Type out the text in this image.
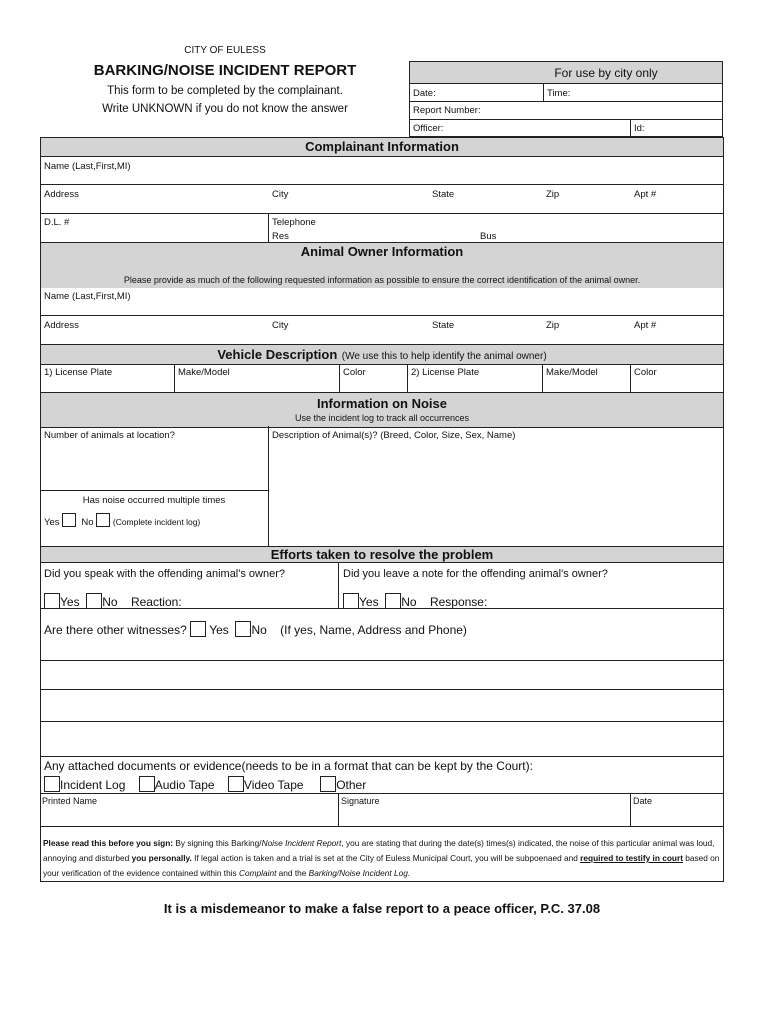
CITY OF EULESS
BARKING/NOISE INCIDENT REPORT
This form to be completed by the complainant.
Write UNKNOWN if you do not know the answer
For use by city only
Date:	Time:
Report Number:
Officer:	Id:
Complainant Information
Name (Last,First,MI)
Address	City	State	Zip	Apt #
D.L. #	Telephone
Res	Bus
Animal Owner Information
Please provide as much of the following requested information as possible to ensure the correct identification of the animal owner.
Name (Last,First,MI)
Address	City	State	Zip	Apt #
Vehicle Description (We use this to help identify the animal owner)
1) License Plate	Make/Model	Color	2) License Plate	Make/Model	Color
Information on Noise
Use the incident log to track all occurrences
Number of animals at location?	Description of Animal(s)? (Breed, Color, Size, Sex, Name)
Has noise occurred multiple times
Yes No (Complete incident log)
Efforts taken to resolve the problem
Did you speak with the offending animal's owner?	Did you leave a note for the offending animal's owner?
Yes No Reaction:	Yes No Response:
Are there other witnesses? Yes No (If yes, Name, Address and Phone)
Any attached documents or evidence(needs to be in a format that can be kept by the Court):
Incident Log Audio Tape Video Tape	Other
Printed Name	Signature	Date
Please read this before you sign: By signing this Barking/Noise Incident Report, you are stating that during the date(s) times(s) indicated, the noise of this particular animal was loud, annoying and disturbed you personally. If legal action is taken and a trial is set at the City of Euless Municipal Court, you will be subpoenaed and required to testify in court based on your verification of the evidence contained within this Complaint and the Barking/Noise Incident Log.
It is a misdemeanor to make a false report to a peace officer, P.C. 37.08
